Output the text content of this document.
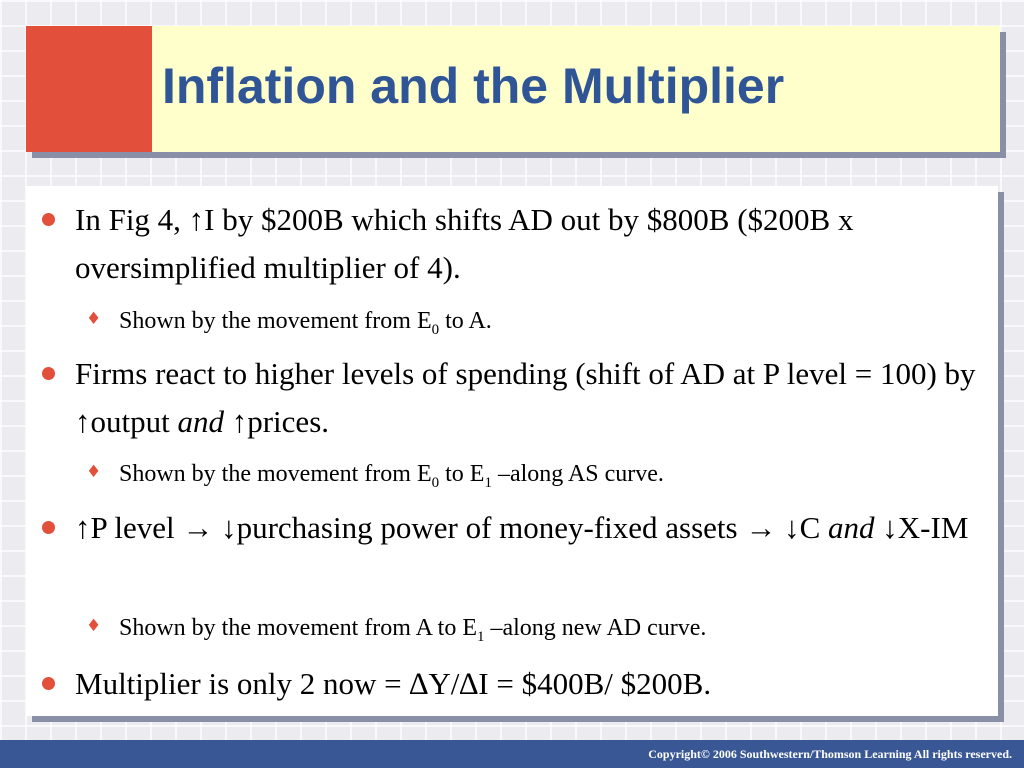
Inflation and the Multiplier
In Fig 4, ↑I by $200B which shifts AD out by $800B ($200B x oversimplified multiplier of 4).
♦ Shown by the movement from $E_0$ to A.
Firms react to higher levels of spending (shift of AD at P level = 100) by ↑output and ↑prices.
♦ Shown by the movement from $E_0$ to $E_1$ –along AS curve.
↑P level → ↓purchasing power of money-fixed assets → ↓C and ↓X-IM
♦ Shown by the movement from A to $E_1$ –along new AD curve.
Multiplier is only 2 now = ∆Y/∆I = $400B/ $200B.
Copyright© 2006 Southwestern/Thomson Learning All rights reserved.
